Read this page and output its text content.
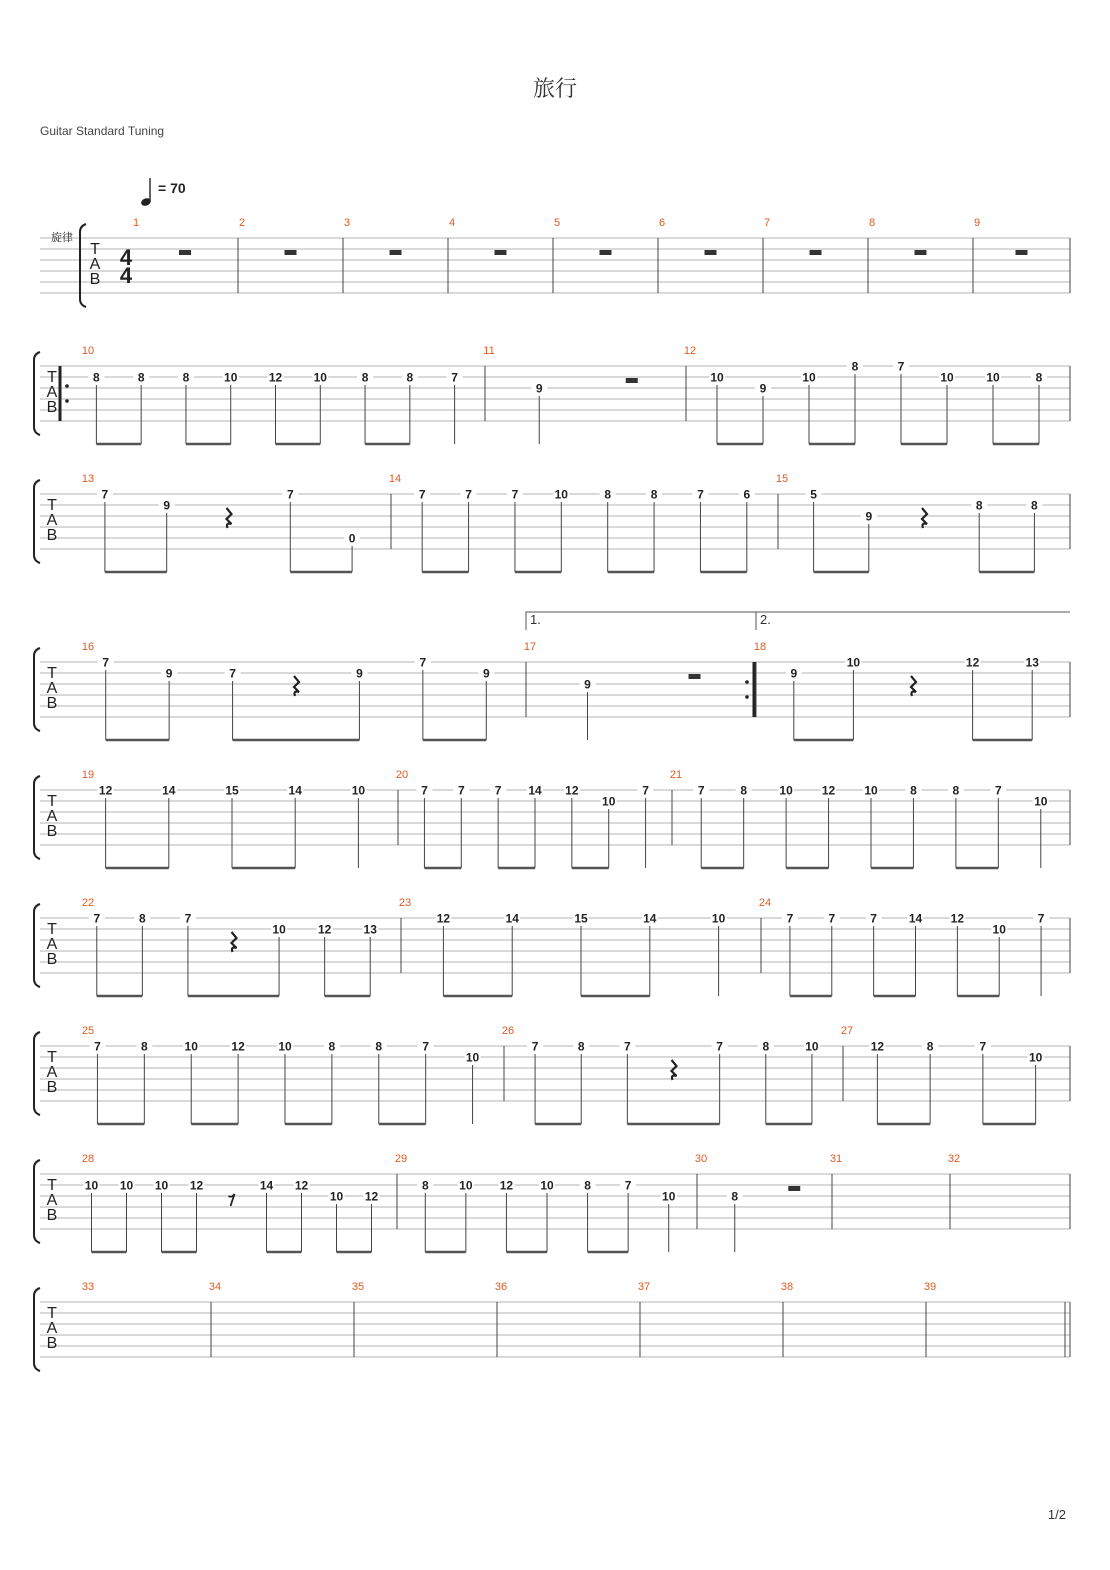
旅行
Guitar Standard Tuning
= 70
T
A
B
旋律
4
4
1	2	3	4	5	6	7	8	9
T
A
B
10
8	8	8	10	12	10	8	8	7
11
9
12
10
9
10
8	7
10	10	8
T
A
B
13
7
9
7
0
14
7	7	7	10	8	8	7	6
15
5
9
8	8
T
A
B
16
7
9	7	9
7
9
17
9
18
9
10	12	13
T
A
B
19
12	14	15	14	10
20
7	7	7 14 12
10
7
21
7	8	10 12 10	8	8	7
10
T
A
B
22
7	8	7
10	12	13
23
12	14	15	14	10
24
7	7	7	14 12
10
7
T
A
B
25
7	8	10	12	10	8	8	7
10
26
7	8	7	7	8	10
27
12	8	7
10
T
A
B
28
10 10 10 12	14 12
10 12
29
8	10 12 10	8	7
10
30
8
31	32
T
A
B
33	34	35	36	37	38	39
1.	2.
1/2
